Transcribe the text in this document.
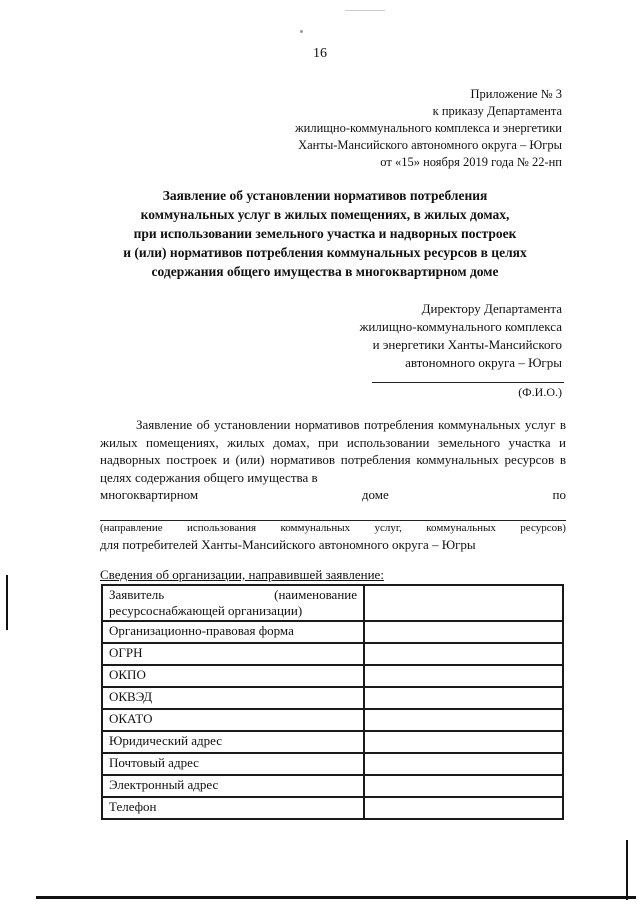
16
Приложение № 3
к приказу Департамента
жилищно-коммунального комплекса и энергетики
Ханты-Мансийского автономного округа – Югры
от «15» ноября 2019 года № 22-нп
Заявление об установлении нормативов потребления
коммунальных услуг в жилых помещениях, в жилых домах,
при использовании земельного участка и надворных построек
и (или) нормативов потребления коммунальных ресурсов в целях
содержания общего имущества в многоквартирном доме
Директору Департамента
жилищно-коммунального комплекса
и энергетики Ханты-Мансийского
автономного округа – Югры
(Ф.И.О.)

Заявление об установлении нормативов потребления коммунальных услуг в жилых помещениях, жилых домах, при использовании земельного участка и надворных построек и (или) нормативов потребления коммунальных ресурсов в целях содержания общего имущества в

многоквартирном	доме	по
(направление использования коммунальных услуг, коммунальных ресурсов)
для потребителей Ханты-Мансийского автономного округа – Югры
Сведения об организации, направившей заявление:
Заявитель (наименование
ресурсоснабжающей организации)	

Организационно-правовая форма	
ОГРН	
ОКПО	
ОКВЭД	
ОКАТО	
Юридический адрес	
Почтовый адрес	
Электронный адрес	
Телефон	
